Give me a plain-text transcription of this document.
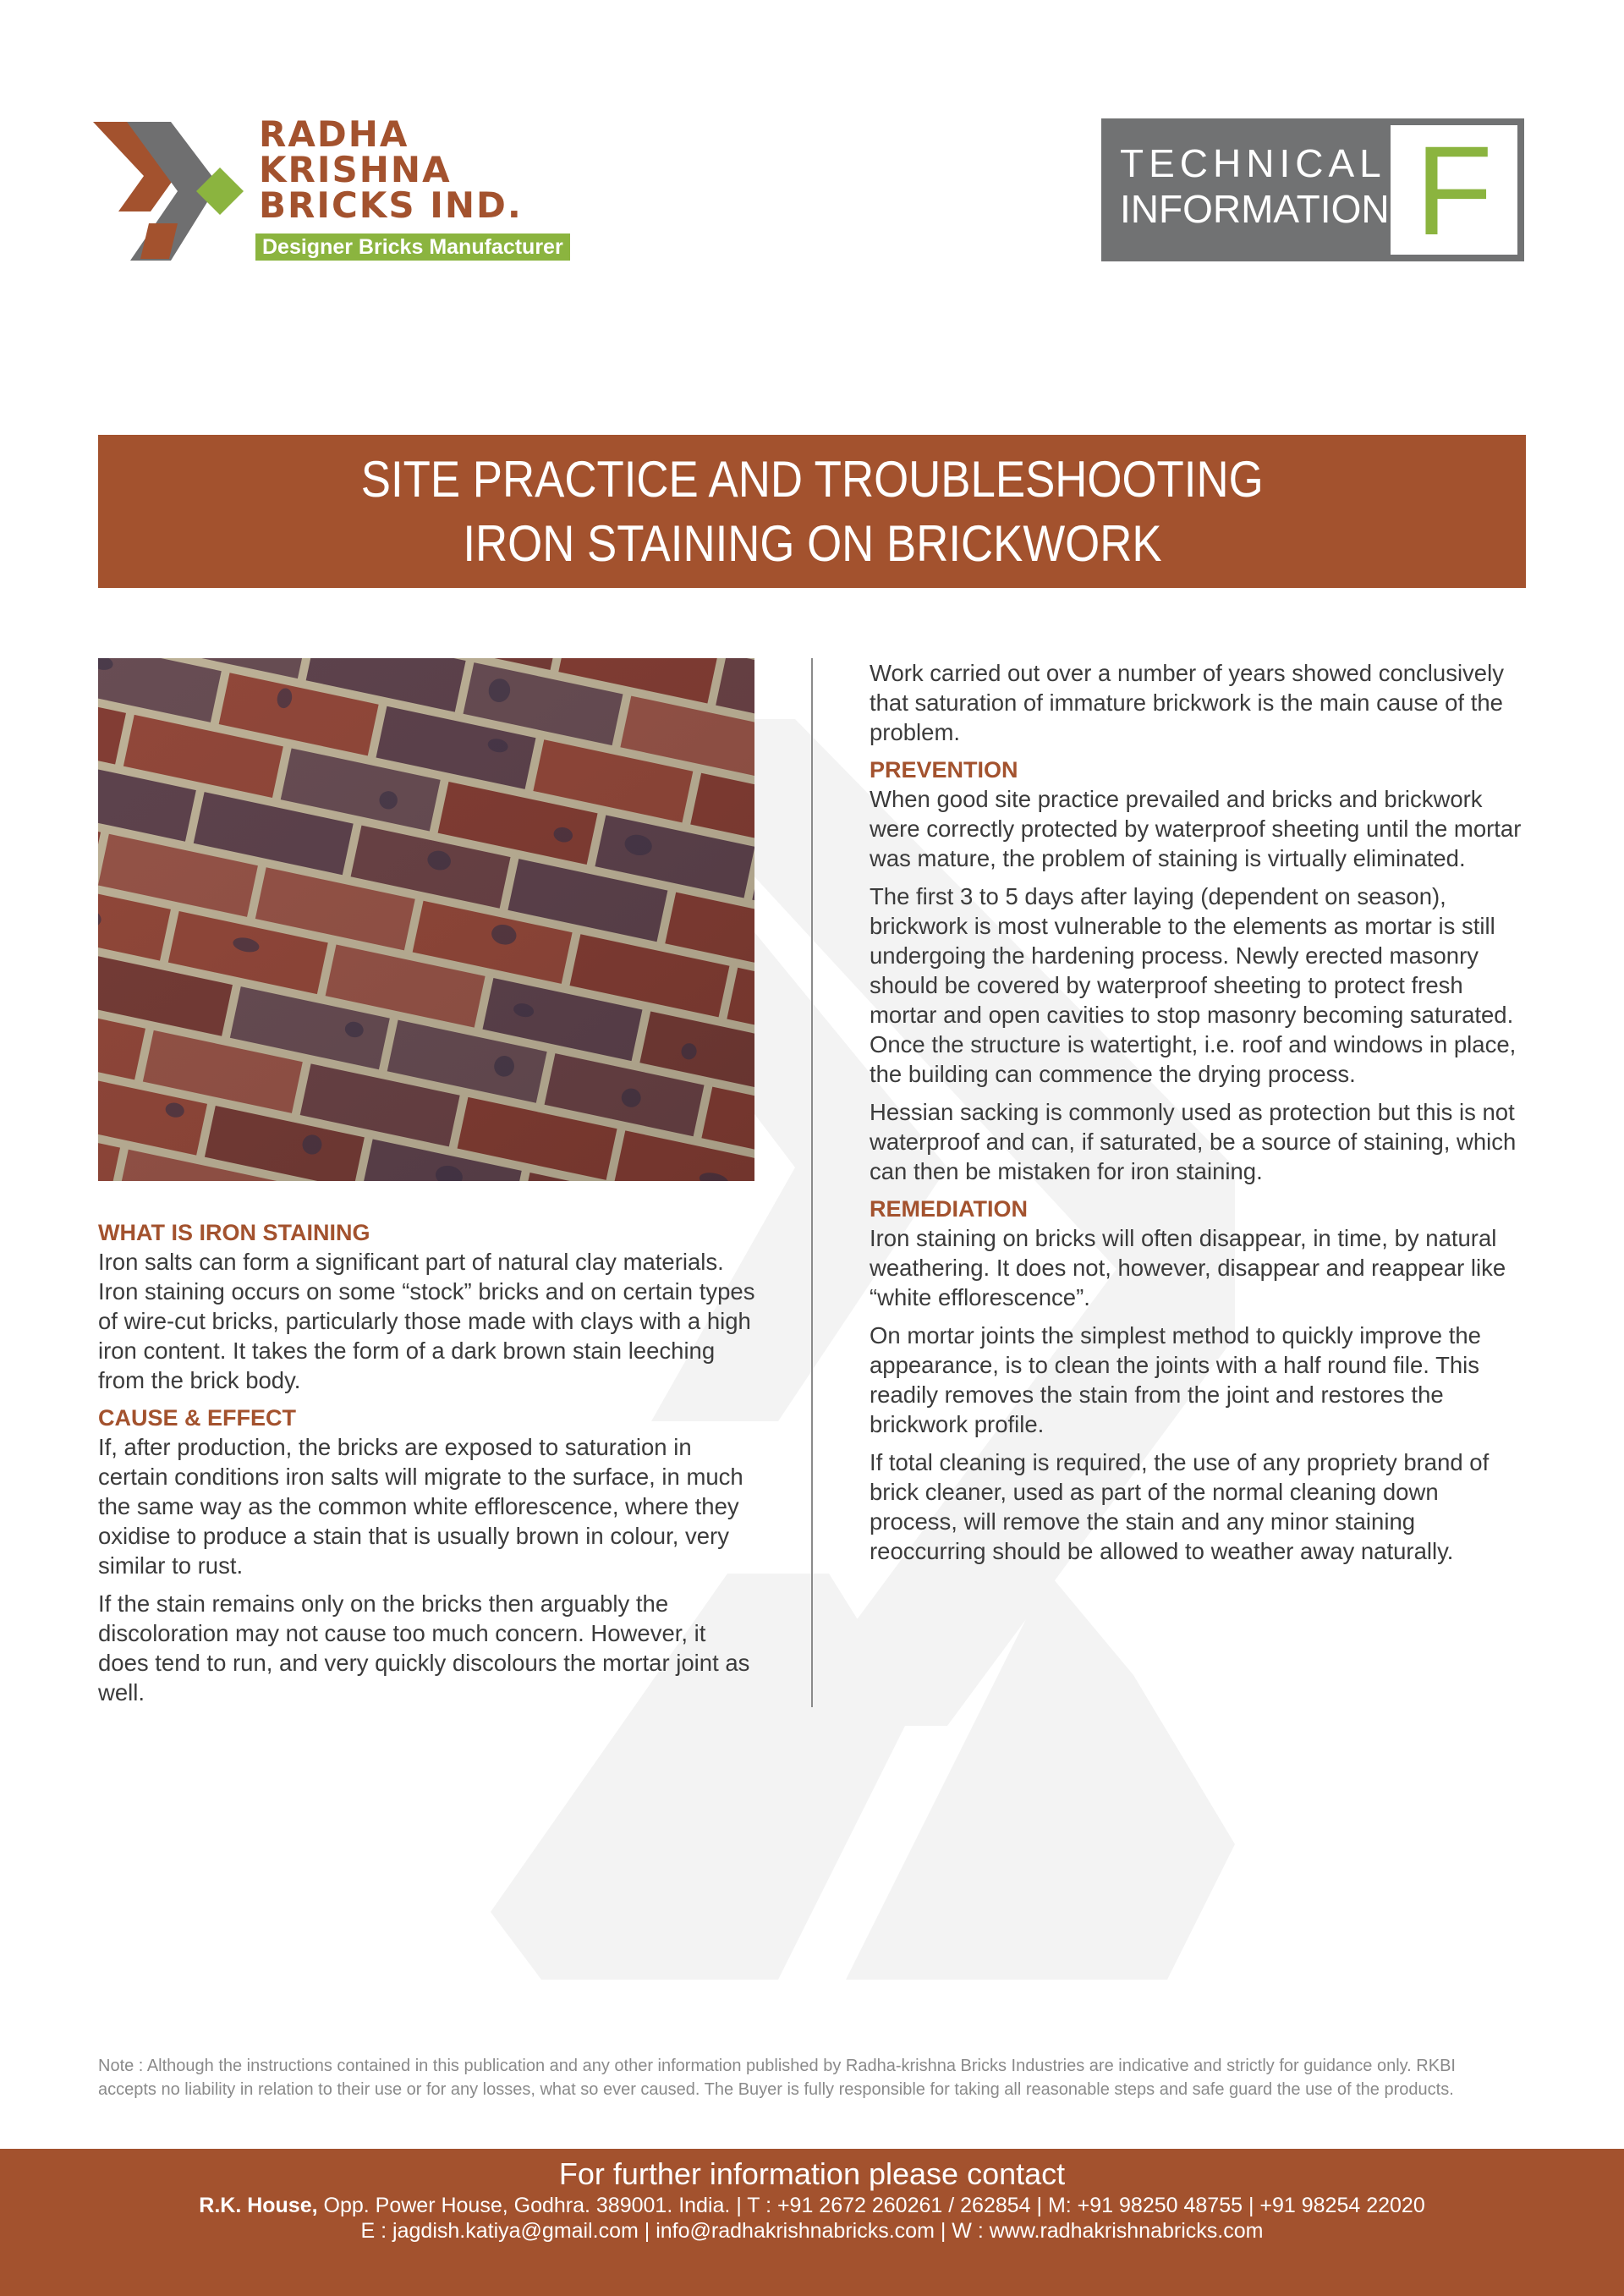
RADHA
KRISHNA
BRICKS IND.
Designer Bricks Manufacturer
TECHNICAL
INFORMATION F
SITE PRACTICE AND TROUBLESHOOTING
IRON STAINING ON BRICKWORK
WHAT IS IRON STAINING
Iron salts can form a significant part of natural clay materials. Iron staining occurs on some “stock” bricks and on certain types of wire-cut bricks, particularly those made with clays with a high iron content. It takes the form of a dark brown stain leeching from the brick body.
CAUSE & EFFECT
If, after production, the bricks are exposed to saturation in certain conditions iron salts will migrate to the surface, in much the same way as the common white efflorescence, where they oxidise to produce a stain that is usually brown in colour, very similar to rust.
If the stain remains only on the bricks then arguably the discoloration may not cause too much concern. However, it does tend to run, and very quickly discolours the mortar joint as well.
Work carried out over a number of years showed conclusively that saturation of immature brickwork is the main cause of the problem.
PREVENTION
When good site practice prevailed and bricks and brickwork were correctly protected by waterproof sheeting until the mortar was mature, the problem of staining is virtually eliminated.
The first 3 to 5 days after laying (dependent on season), brickwork is most vulnerable to the elements as mortar is still undergoing the hardening process. Newly erected masonry should be covered by waterproof sheeting to protect fresh mortar and open cavities to stop masonry becoming saturated. Once the structure is watertight, i.e. roof and windows in place, the building can commence the drying process.
Hessian sacking is commonly used as protection but this is not waterproof and can, if saturated, be a source of staining, which can then be mistaken for iron staining.
REMEDIATION
Iron staining on bricks will often disappear, in time, by natural weathering. It does not, however, disappear and reappear like “white efflorescence”.
On mortar joints the simplest method to quickly improve the appearance, is to clean the joints with a half round file. This readily removes the stain from the joint and restores the brickwork profile.
If total cleaning is required, the use of any propriety brand of brick cleaner, used as part of the normal cleaning down process, will remove the stain and any minor staining reoccurring should be allowed to weather away naturally.
Note : Although the instructions contained in this publication and any other information published by Radha-krishna Bricks Industries are indicative and strictly for guidance only. RKBI accepts no liability in relation to their use or for any losses, what so ever caused. The Buyer is fully responsible for taking all reasonable steps and safe guard the use of the products.
For further information please contact
R.K. House, Opp. Power House, Godhra. 389001. India. | T : +91 2672 260261 / 262854 | M: +91 98250 48755 | +91 98254 22020
E : jagdish.katiya@gmail.com | info@radhakrishnabricks.com | W : www.radhakrishnabricks.com
